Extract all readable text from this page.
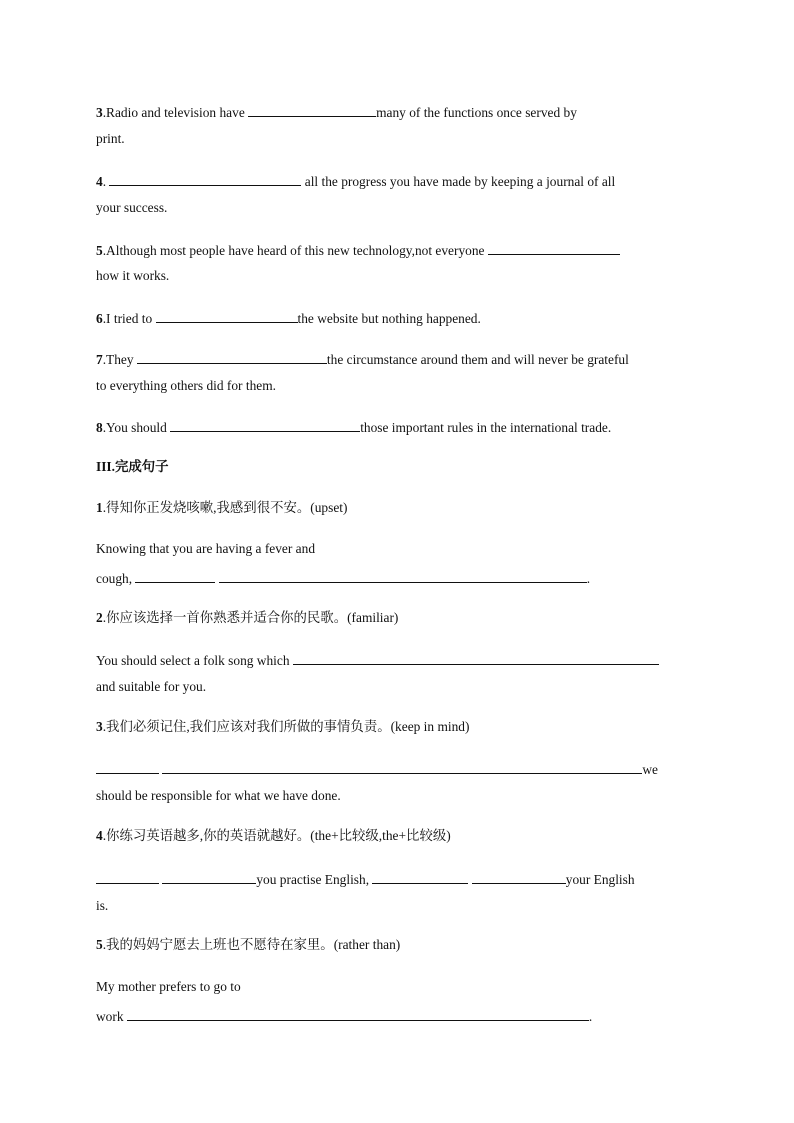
3.Radio and television have	many of the functions once served by
print.
4.	all the progress you have made by keeping a journal of all
your success.
5.Although most people have heard of this new technology,not everyone
how it works.
6.I tried to	the website but nothing happened.
7.They	the circumstance around them and will never be grateful
to everything others did for them.
8.You should	those important rules in the international trade.
III.完成句子
1.得知你正发烧咳嗽,我感到很不安。(upset)
Knowing that you are having a fever and
cough,	.
2.你应该选择一首你熟悉并适合你的民歌。(familiar)
You should select a folk song which
and suitable for you.
3.我们必须记住,我们应该对我们所做的事情负责。(keep in mind)
we
should be responsible for what we have done.
4.你练习英语越多,你的英语就越好。(the+比较级,the+比较级)
you practise English,	your English
is.
5.我的妈妈宁愿去上班也不愿待在家里。(rather than)
My mother prefers to go to
work	.
